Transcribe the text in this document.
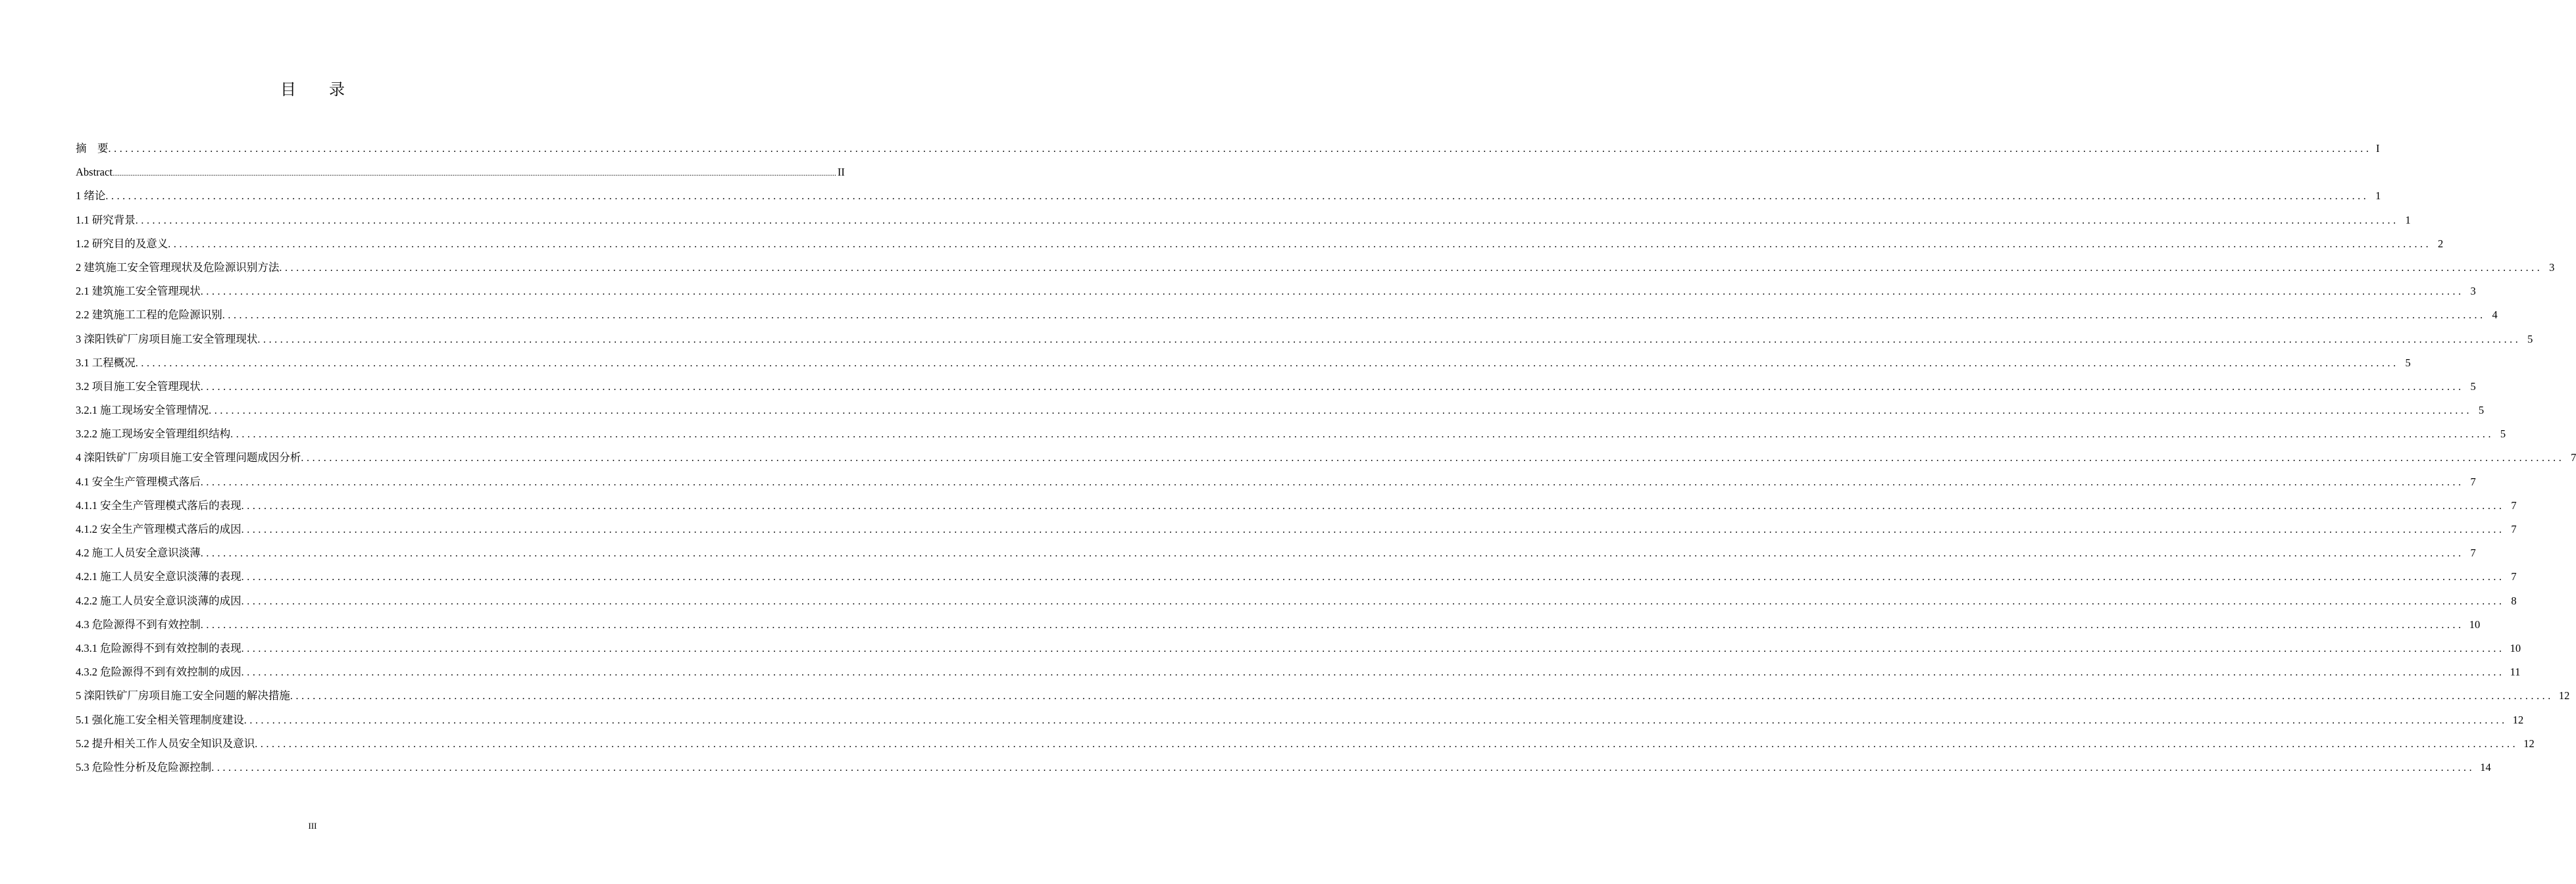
目 录
摘　要 ................................................................................................................................................................................................................................................................................................................................................................................................................ I
Abstract ................................................................................................................................................................................................................................................................................................................................................................................................................ II
1 绪论 ................................................................................................................................................................................................................................................................................................................................................................................................................ 1
1.1 研究背景 ................................................................................................................................................................................................................................................................................................................................................................................................................ 1
1.2 研究目的及意义 ................................................................................................................................................................................................................................................................................................................................................................................................................ 2
2 建筑施工安全管理现状及危险源识别方法 ................................................................................................................................................................................................................................................................................................................................................................................................................ 3
2.1 建筑施工安全管理现状 ................................................................................................................................................................................................................................................................................................................................................................................................................ 3
2.2 建筑施工工程的危险源识别 ................................................................................................................................................................................................................................................................................................................................................................................................................ 4
3 滦阳铁矿厂房项目施工安全管理现状 ................................................................................................................................................................................................................................................................................................................................................................................................................ 5
3.1 工程概况 ................................................................................................................................................................................................................................................................................................................................................................................................................ 5
3.2 项目施工安全管理现状 ................................................................................................................................................................................................................................................................................................................................................................................................................ 5
3.2.1 施工现场安全管理情况 ................................................................................................................................................................................................................................................................................................................................................................................................................ 5
3.2.2 施工现场安全管理组织结构 ................................................................................................................................................................................................................................................................................................................................................................................................................ 5
4 滦阳铁矿厂房项目施工安全管理问题成因分析 ................................................................................................................................................................................................................................................................................................................................................................................................................ 7
4.1 安全生产管理模式落后 ................................................................................................................................................................................................................................................................................................................................................................................................................ 7
4.1.1 安全生产管理模式落后的表现 ................................................................................................................................................................................................................................................................................................................................................................................................................ 7
4.1.2 安全生产管理模式落后的成因 ................................................................................................................................................................................................................................................................................................................................................................................................................ 7
4.2 施工人员安全意识淡薄 ................................................................................................................................................................................................................................................................................................................................................................................................................ 7
4.2.1 施工人员安全意识淡薄的表现 ................................................................................................................................................................................................................................................................................................................................................................................................................ 7
4.2.2 施工人员安全意识淡薄的成因 ................................................................................................................................................................................................................................................................................................................................................................................................................ 8
4.3 危险源得不到有效控制 ................................................................................................................................................................................................................................................................................................................................................................................................................ 10
4.3.1 危险源得不到有效控制的表现 ................................................................................................................................................................................................................................................................................................................................................................................................................ 10
4.3.2 危险源得不到有效控制的成因 ................................................................................................................................................................................................................................................................................................................................................................................................................ 11
5 滦阳铁矿厂房项目施工安全问题的解决措施 ................................................................................................................................................................................................................................................................................................................................................................................................................ 12
5.1 强化施工安全相关管理制度建设 ................................................................................................................................................................................................................................................................................................................................................................................................................ 12
5.2 提升相关工作人员安全知识及意识 ................................................................................................................................................................................................................................................................................................................................................................................................................ 12
5.3 危险性分析及危险源控制 ................................................................................................................................................................................................................................................................................................................................................................................................................ 14
III
